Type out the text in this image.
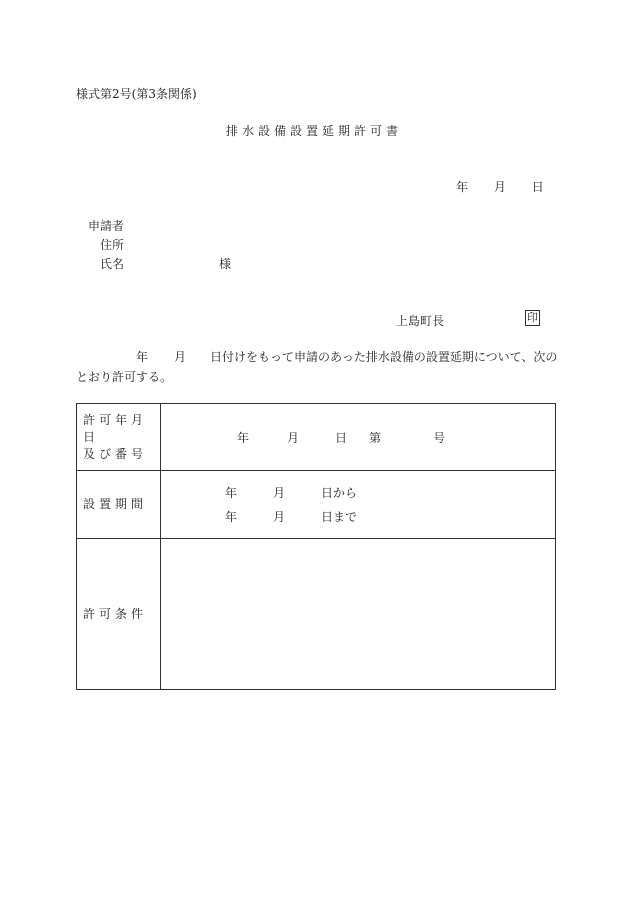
様式第2号(第3条関係)
排水設備設置延期許可書
年 月 日
申請者
住所
氏名	様
上島町長	印
年 月 日付けをもって申請のあった排水設備の設置延期について、次のとおり許可する。
許可年月日
及び番号	年 月 日 第 号
設置期間	年 月 日から
年 月 日まで

許可条件	
